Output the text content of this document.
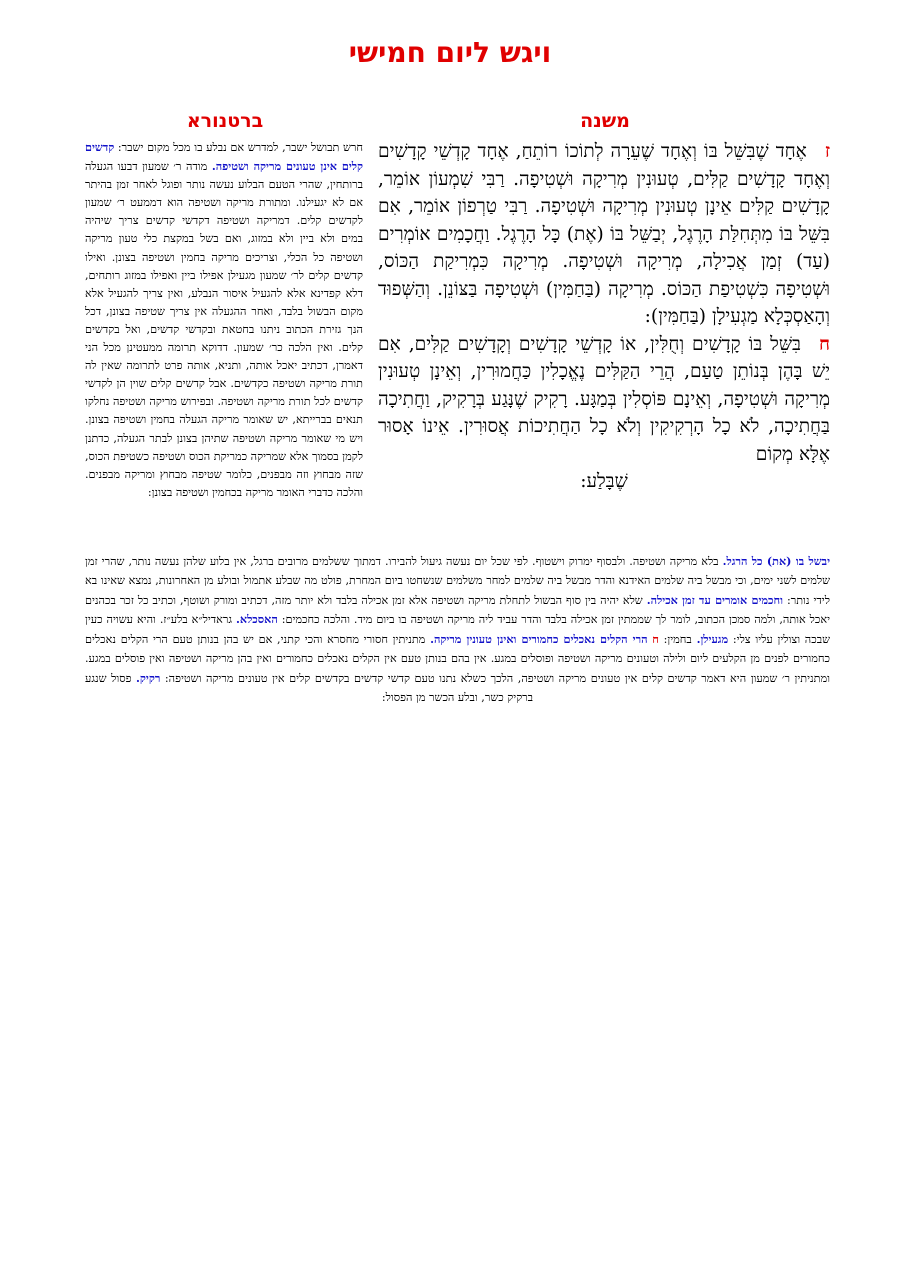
ויגש ליום חמישי
משנה
ברטנורא

זאֶחָד שֶׁבִּשֵּׁל בּוֹ וְאֶחָד שֶׁעֵרָה לְתוֹכוֹ רוֹתֵחַ, אֶחָד קָדְשֵׁי קָדָשִׁים וְאֶחָד קָדָשִׁים קַלִּים, טְעוּנִין מְרִיקָה וּשְׁטִיפָה. רַבִּי שִׁמְעוֹן אוֹמֵר, קָדָשִׁים קַלִּים אֵינָן טְעוּנִין מְרִיקָה וּשְׁטִיפָה. רַבִּי טַרְפוֹן אוֹמֵר, אִם בִּשֵּׁל בּוֹ מִתְּחִלַּת הָרֶגֶל, יְבַשֵּׁל בּוֹ (אֶת) כָּל הָרֶגֶל. וַחֲכָמִים אוֹמְרִים (עַד) זְמַן אֲכִילָה, מְרִיקָה וּשְׁטִיפָה. מְרִיקָה כִּמְרִיקַת הַכּוֹס, וּשְׁטִיפָה כִּשְׁטִיפַת הַכּוֹס. מְרִיקָה (בַּחַמִּין) וּשְׁטִיפָה בַּצּוֹנֵן. וְהַשְּׁפוּד וְהָאַסְכְּלָא מַגְעִילָן (בַּחַמִּין):

חבִּשֵּׁל בּוֹ קָדָשִׁים וְחֻלִּין, אוֹ קָדְשֵׁי קָדָשִׁים וְקָדָשִׁים קַלִּים, אִם יֵשׁ בָּהֶן בְּנוֹתֵן טַעַם, הֲרֵי הַקַּלִּים נֶאֱכָלִין כַּחֲמוּרִין, וְאֵינָן טְעוּנִין מְרִיקָה וּשְׁטִיפָה, וְאֵינָם פּוֹסְלִין בְּמַגָּע. רָקִיק שֶׁנָּגַע בְּרָקִיק, וַחֲתִיכָה בַּחֲתִיכָה, לֹא כָל הָרְקִיקִין וְלֹא כָל הַחֲתִיכוֹת אֲסוּרִין. אֵינוֹ אָסוּר אֶלָּא מְקוֹם

שֶׁבָּלַע:

חרש תבושל ישבר, למדרש אם נבלע בו מכל מקום ישבר: קדשים קלים אינן טעונים מריקה ושטיפה. מודה ר׳ שמעון דבעו הגעלה ברותחין, שהרי הטעם הבלוע נעשה נותר ופוגל לאחר זמן בהיתר אם לא יגעילנו. ומתורת מריקה ושטיפה הוא דממעט ר׳ שמעון לקדשים קלים. דמריקה ושטיפה דקדשי קדשים צריך שיהיה במים ולא ביין ולא במזוג, ואם בשל במקצת כלי טעון מריקה ושטיפה כל הכלי, וצריכים מריקה בחמין ושטיפה בצונן. ואילו קדשים קלים לר׳ שמעון מגעילן אפילו ביין ואפילו במזוג רותחים, דלא קפדינא אלא להגעיל איסור הנבלע, ואין צריך להגעיל אלא מקום הבשול בלבד, ואחר ההגעלה אין צריך שטיפה בצונן, דכל הנך גזירת הכתוב ניתנו בחטאת ובקדשי קדשים, ואל בקדשים קלים. ואין הלכה כר׳ שמעון. דדוקא תרומה ממעטינן מכל הני דאמרן, דכתיב יאכל אותה, ותניא, אותה פרט לתרומה שאין לה תורת מריקה ושטיפה כקדשים. אבל קדשים קלים שוין הן לקדשי קדשים לכל תורת מריקה ושטיפה. ובפירוש מריקה ושטיפה נחלקו תנאים בברייתא, יש שאומר מריקה הגעלה בחמין ושטיפה בצונן. ויש מי שאומר מריקה ושטיפה שתיהן בצונן לבתר הגעלה, כדתנן לקמן בסמוך אלא שמריקה כמריקת הכוס ושטיפה כשטיפת הכוס, שזה מבחוץ וזה מבפנים, כלומר שטיפה מבחוץ ומריקה מבפנים. והלכה כדברי האומר מריקה בכחמין ושטיפה בצונן:
יבשל בו (את) כל הרגל. בלא מריקה ושטיפה. ולבסוף ימרוק וישטוף. לפי שכל יום נעשה גיעול להבירו. דמתוך ששלמים מרובים ברגל, אין בלוע שלהן נעשה נותר, שהרי זמן שלמים לשני ימים, וכי מבשל ביה שלמים האידנא והדר מבשל ביה שלמים למחר משלמים שנשחטו ביום המחרת, פולט מה שבלע אתמול ובולע מן האחרונות, נמצא שאינו בא לידי נותר: וחכמים אומרים עד זמן אכילה. שלא יהיה בין סוף הבשול לתחלת מריקה ושטיפה אלא זמן אכילה בלבד ולא יותר מזה, דכתיב ומורק ושוטף, וכתיב כל זכר בכהנים יאכל אותה, ולמה סמכן הכתוב, לומר לך שממתין זמן אכילה בלבד והדר עביד ליה מריקה ושטיפה בו ביום מיד. והלכה כחכמים: האסכלא. גראדיל״א בלע״ז. והיא עשויה כעין שבכה וצולין עליו צלי: מגעילן. בחמין: ח הרי הקלים נאכלים כחמורים ואינן טעונין מריקה. מתניתין חסורי מחסרא והכי קתני, אם יש בהן בנותן טעם הרי הקלים נאכלים כחמורים לפנים מן הקלעים ליום ולילה וטעונים מריקה ושטיפה ופוסלים במגע. אין בהם בנותן טעם אין הקלים נאכלים כחמורים ואין בהן מריקה ושטיפה ואין פוסלים במגע. ומתניתין ר׳ שמעון היא דאמר קדשים קלים אין טעונים מריקה ושטיפה, הלכך כשלא נתנו טעם קדשי קדשים בקדשים קלים אין טעונים מריקה ושטיפה: רקיק. פסול שנגע ברקיק כשר, ובלע הכשר מן הפסול:
